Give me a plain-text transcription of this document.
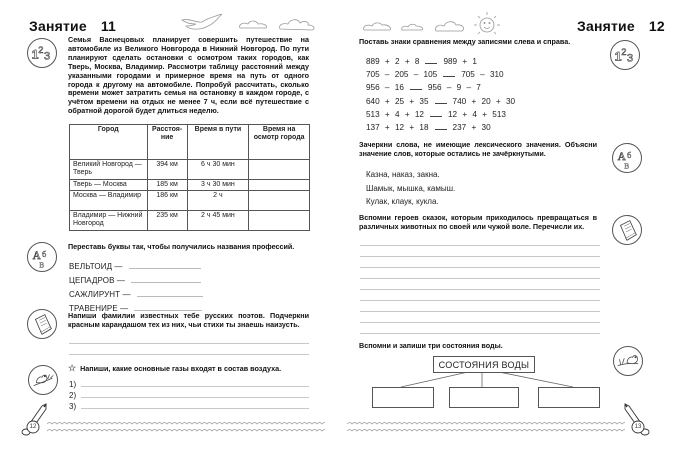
Занятие 11
1 2
3
Семья Васнецовых планирует совершить путешествие на автомобиле из Великого Новгорода в Нижний Новгород. По пути планируют сделать остановки с осмотром таких городов, как Тверь, Москва, Владимир. Рассмотри таблицу расстояний между указанными городами и примерное время на путь от одного города к другому на автомобиле. Попробуй рассчитать, сколько времени может затратить семья на остановку в каждом городе, с учётом времени на отдых не менее 7 ч, если всё путешествие с обратной дорогой будет длиться неделю.
Город	Расстоя-ние	Время в пути	Время на осмотр города
Великий Новгород — Тверь	394 км	6 ч 30 мин	
Тверь — Москва	185 км	3 ч 30 мин	
Москва — Владимир	186 км	2 ч	
Владимир — Нижний Новгород	235 км	2 ч 45 мин	
А б
В
Переставь буквы так, чтобы получились названия профессий.
ВЕЛЬТОИД —
ЦЕПАДРОВ —
САЖЛИРУНТ —
ТРАВЕНИРЕ —
Напиши фамилии известных тебе русских поэтов. Подчеркни красным карандашом тех из них, чьи стихи ты знаешь наизусть.
☆ Напиши, какие основные газы входят в состав воздуха.
1)
2)
3)
12
Занятие 12
Поставь знаки сравнения между записями слева и справа.
1 2
3
889 + 2 + 8	989 + 1
705 – 205 – 105	705 – 310
956 – 16	956 – 9 – 7
640 + 25 + 35	740 + 20 + 30
513 + 4 + 12	12 + 4 + 513
137 + 12 + 18	237 + 30
Зачеркни слова, не имеющие лексического значения. Объясни значение слов, которые остались не зачёркнутыми.	А б
В
Казна, наказ, закна.
Шамык, мышка, камыш.
Кулак, клаук, кукла.
Вспомни героев сказок, которым приходилось превращаться в различных животных по своей или чужой воле. Перечисли их.
Вспомни и запиши три состояния воды.
СОСТОЯНИЯ ВОДЫ
13
